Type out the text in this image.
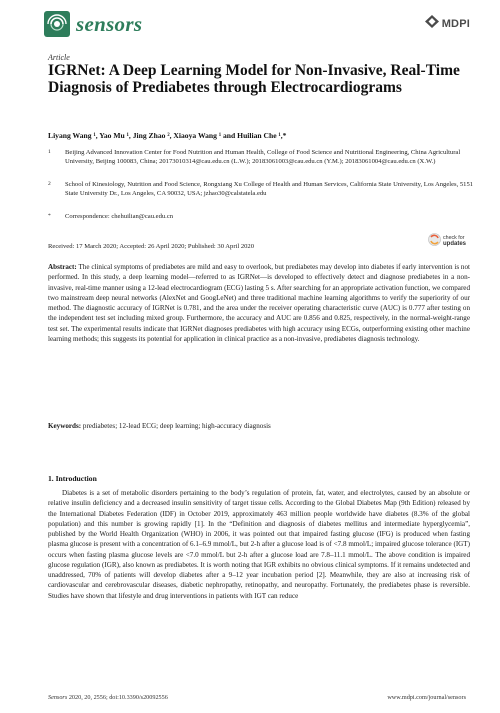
sensors	MDPI
Article
IGRNet: A Deep Learning Model for Non-Invasive, Real-Time Diagnosis of Prediabetes through Electrocardiograms
Liyang Wang ¹, Yao Mu ¹, Jing Zhao ², Xiaoya Wang ¹ and Huilian Che ¹,*
1 Beijing Advanced Innovation Center for Food Nutrition and Human Health, College of Food Science and Nutritional Engineering, China Agricultural University, Beijing 100083, China; 20173010314@cau.edu.cn (L.W.); 20183061003@cau.edu.cn (Y.M.); 20183061004@cau.edu.cn (X.W.)
2 School of Kinesiology, Nutrition and Food Science, Rongxiang Xu College of Health and Human Services, California State University, Los Angeles, 5151 State University Dr., Los Angeles, CA 90032, USA; jzhao30@calstatela.edu
* Correspondence: chehuilian@cau.edu.cn
Received: 17 March 2020; Accepted: 26 April 2020; Published: 30 April 2020
check for
updates
Abstract: The clinical symptoms of prediabetes are mild and easy to overlook, but prediabetes may develop into diabetes if early intervention is not performed. In this study, a deep learning model—referred to as IGRNet—is developed to effectively detect and diagnose prediabetes in a non-invasive, real-time manner using a 12-lead electrocardiogram (ECG) lasting 5 s. After searching for an appropriate activation function, we compared two mainstream deep neural networks (AlexNet and GoogLeNet) and three traditional machine learning algorithms to verify the superiority of our method. The diagnostic accuracy of IGRNet is 0.781, and the area under the receiver operating characteristic curve (AUC) is 0.777 after testing on the independent test set including mixed group. Furthermore, the accuracy and AUC are 0.856 and 0.825, respectively, in the normal-weight-range test set. The experimental results indicate that IGRNet diagnoses prediabetes with high accuracy using ECGs, outperforming existing other machine learning methods; this suggests its potential for application in clinical practice as a non-invasive, prediabetes diagnosis technology.
Keywords: prediabetes; 12-lead ECG; deep learning; high-accuracy diagnosis
1. Introduction
Diabetes is a set of metabolic disorders pertaining to the body’s regulation of protein, fat, water, and electrolytes, caused by an absolute or relative insulin deficiency and a decreased insulin sensitivity of target tissue cells. According to the Global Diabetes Map (9th Edition) released by the International Diabetes Federation (IDF) in October 2019, approximately 463 million people worldwide have diabetes (8.3% of the global population) and this number is growing rapidly [1]. In the “Definition and diagnosis of diabetes mellitus and intermediate hyperglycemia”, published by the World Health Organization (WHO) in 2006, it was pointed out that impaired fasting glucose (IFG) is produced when fasting plasma glucose is present with a concentration of 6.1–6.9 mmol/L, but 2-h after a glucose load is of <7.8 mmol/L; impaired glucose tolerance (IGT) occurs when fasting plasma glucose levels are <7.0 mmol/L but 2-h after a glucose load are 7.8–11.1 mmol/L. The above condition is impaired glucose regulation (IGR), also known as prediabetes. It is worth noting that IGR exhibits no obvious clinical symptoms. If it remains undetected and unaddressed, 70% of patients will develop diabetes after a 9–12 year incubation period [2]. Meanwhile, they are also at increasing risk of cardiovascular and cerebrovascular diseases, diabetic nephropathy, retinopathy, and neuropathy. Fortunately, the prediabetes phase is reversible. Studies have shown that lifestyle and drug interventions in patients with IGT can reduce
Sensors 2020, 20, 2556; doi:10.3390/s20092556	www.mdpi.com/journal/sensors
